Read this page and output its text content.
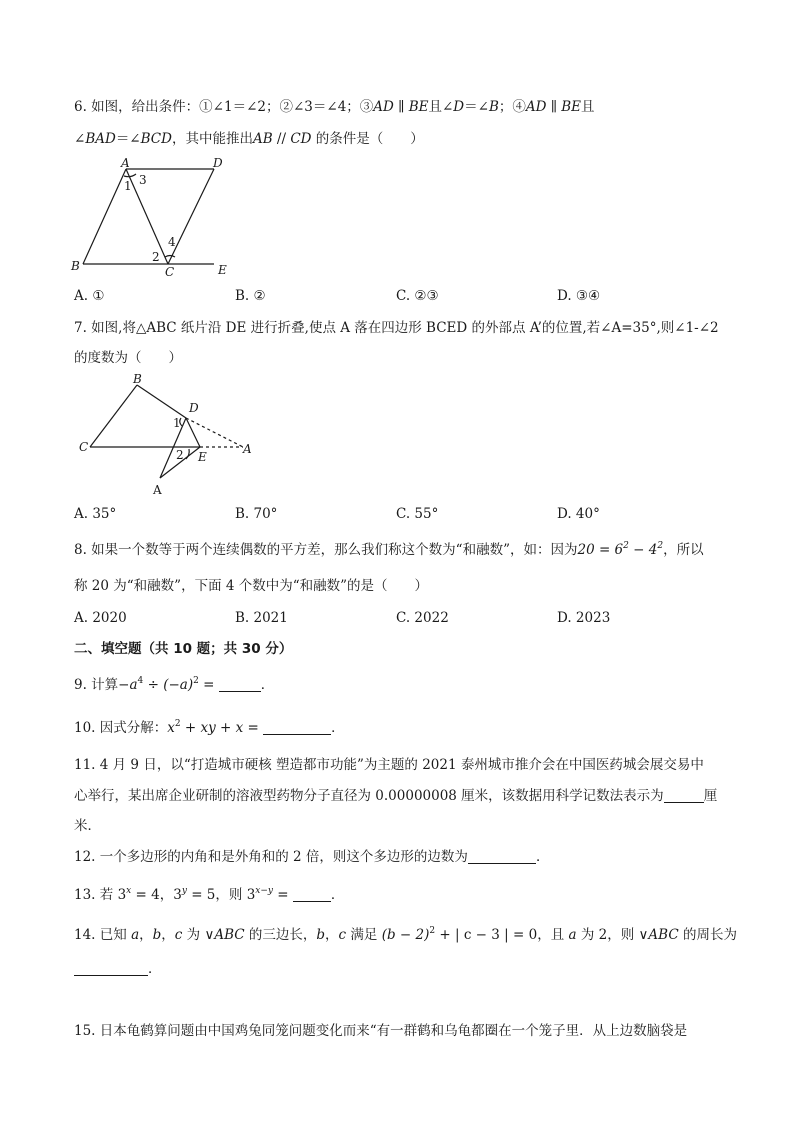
6. 如图，给出条件：①∠1＝∠2；②∠3＝∠4；③AD ∥ BE且∠D＝∠B；④AD ∥ BE且
∠BAD＝∠BCD，其中能推出AB // CD 的条件是（　　）
A	D
B	C	E
1 3
2
4
A. ①	B. ②	C. ②③	D. ③④
7. 如图,将△ABC 纸片沿 DE 进行折叠,使点 A 落在四边形 BCED 的外部点 A’的位置,若∠A=35°,则∠1-∠2
的度数为（　　）
B
D
C
E
A
A
1
2
A. 35°	B. 70°	C. 55°	D. 40°
8. 如果一个数等于两个连续偶数的平方差，那么我们称这个数为“和融数”，如：因为$20 = 6^2 - 4^2$，所以
称 20 为“和融数”，下面 4 个数中为“和融数”的是（　　）
A. 2020	B. 2021	C. 2022	D. 2023
二、填空题（共 10 题；共 30 分）
9. 计算$-a^4 \div (-a)^2$ =	．
10. 因式分解：$x^2$ + xy + x =	．
11. 4 月 9 日，以“打造城市硬核 塑造都市功能”为主题的 2021 泰州城市推介会在中国医药城会展交易中
心举行，某出席企业研制的溶液型药物分子直径为 0.00000008 厘米，该数据用科学记数法表示为	厘
米．
12. 一个多边形的内角和是外角和的 2 倍，则这个多边形的边数为	．
13. 若 $3^x = 4$，$3^y = 5$，则 $3^{x-y}$ =	．
14. 已知 a，b，c 为 ∨ABC 的三边长，b，c 满足 $(b - 2)^2$ + | c − 3 | = 0，且 a 为 2，则 ∨ABC 的周长为
．
15. 日本龟鹤算问题由中国鸡兔同笼问题变化而来“有一群鹤和乌龟都圈在一个笼子里．从上边数脑袋是
